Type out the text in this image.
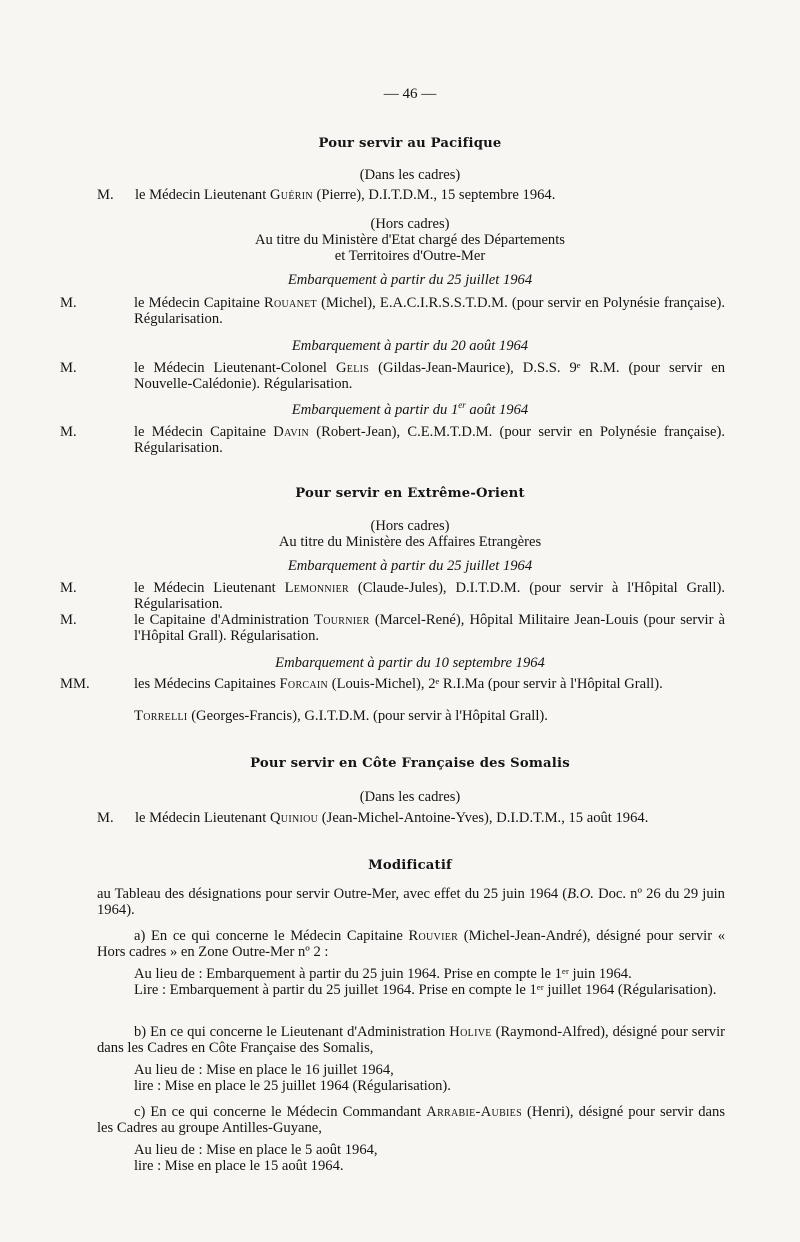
— 46 —
Pour servir au Pacifique
(Dans les cadres)
M. le Médecin Lieutenant Guérin (Pierre), D.I.T.D.M., 15 septembre 1964.
(Hors cadres)
Au titre du Ministère d'Etat chargé des Départements
et Territoires d'Outre-Mer
Embarquement à partir du 25 juillet 1964
M.	le Médecin Capitaine Rouanet (Michel), E.A.C.I.R.S.S.T.D.M. (pour servir en Polynésie française). Régularisation.
Embarquement à partir du 20 août 1964
M.	le Médecin Lieutenant-Colonel Gelis (Gildas-Jean-Maurice), D.S.S. 9ᵉ R.M. (pour servir en Nouvelle-Calédonie). Régularisation.
Embarquement à partir du 1er août 1964
M.	le Médecin Capitaine Davin (Robert-Jean), C.E.M.T.D.M. (pour servir en Polynésie française). Régularisation.
Pour servir en Extrême-Orient
(Hors cadres)
Au titre du Ministère des Affaires Etrangères
Embarquement à partir du 25 juillet 1964
M.	le Médecin Lieutenant Lemonnier (Claude-Jules), D.I.T.D.M. (pour servir à l'Hôpital Grall). Régularisation.
M.	le Capitaine d'Administration Tournier (Marcel-René), Hôpital Militaire Jean-Louis (pour servir à l'Hôpital Grall). Régularisation.
Embarquement à partir du 10 septembre 1964
MM.	les Médecins Capitaines Forcain (Louis-Michel), 2ᵉ R.I.Ma (pour servir à l'Hôpital Grall).
Torrelli (Georges-Francis), G.I.T.D.M. (pour servir à l'Hôpital Grall).
Pour servir en Côte Française des Somalis
(Dans les cadres)
M. le Médecin Lieutenant Quiniou (Jean-Michel-Antoine-Yves), D.I.D.T.M., 15 août 1964.
Modificatif
au Tableau des désignations pour servir Outre-Mer, avec effet du 25 juin 1964 (B.O. Doc. nº 26 du 29 juin 1964).
a) En ce qui concerne le Médecin Capitaine Rouvier (Michel-Jean-André), désigné pour servir « Hors cadres » en Zone Outre-Mer nº 2 :
Au lieu de : Embarquement à partir du 25 juin 1964. Prise en compte le 1ᵉʳ juin 1964.
Lire : Embarquement à partir du 25 juillet 1964. Prise en compte le 1ᵉʳ juillet 1964 (Régularisation).
b) En ce qui concerne le Lieutenant d'Administration Holive (Raymond-Alfred), désigné pour servir dans les Cadres en Côte Française des Somalis,
Au lieu de : Mise en place le 16 juillet 1964,
lire : Mise en place le 25 juillet 1964 (Régularisation).
c) En ce qui concerne le Médecin Commandant Arrabie-Aubies (Henri), désigné pour servir dans les Cadres au groupe Antilles-Guyane,
Au lieu de : Mise en place le 5 août 1964,
lire : Mise en place le 15 août 1964.
